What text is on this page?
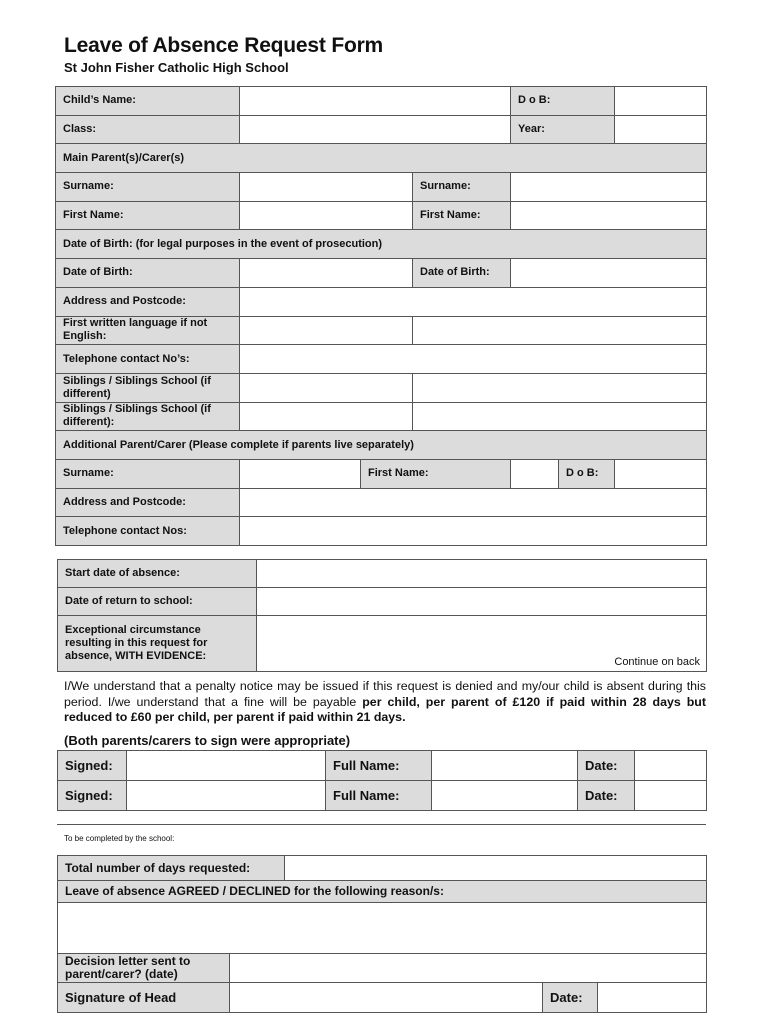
Leave of Absence Request Form
St John Fisher Catholic High School
Child’s Name:				D o B:		
Class:				Year:		
Main Parent(s)/Carer(s)						
Surname:			Surname:			
First Name:			First Name:			
Date of Birth: (for legal purposes in the event of prosecution)						
Date of Birth:			Date of Birth:			
Address and Postcode:						
First written language if not English:						
Telephone contact No’s:						
Siblings / Siblings School (if different)						
Siblings / Siblings School (if different):						
Additional Parent/Carer (Please complete if parents live separately)						
Surname:		First Name:			D o B:	
Address and Postcode:						
Telephone contact Nos:						
Start date of absence:	
Date of return to school:	
Exceptional circumstance resulting in this request for absence, WITH EVIDENCE:	Continue on back
I/We understand that a penalty notice may be issued if this request is denied and my/our child is absent during this period. I/we understand that a fine will be payable per child, per parent of £120 if paid within 28 days but reduced to £60 per child, per parent if paid within 21 days.
(Both parents/carers to sign were appropriate)
Signed:		Full Name:		Date:	
Signed:		Full Name:		Date:	
To be completed by the school:
Total number of days requested:				
Leave of absence AGREED / DECLINED for the following reason/s:				

Decision letter sent to parent/carer? (date)				
Signature of Head			Date:	
